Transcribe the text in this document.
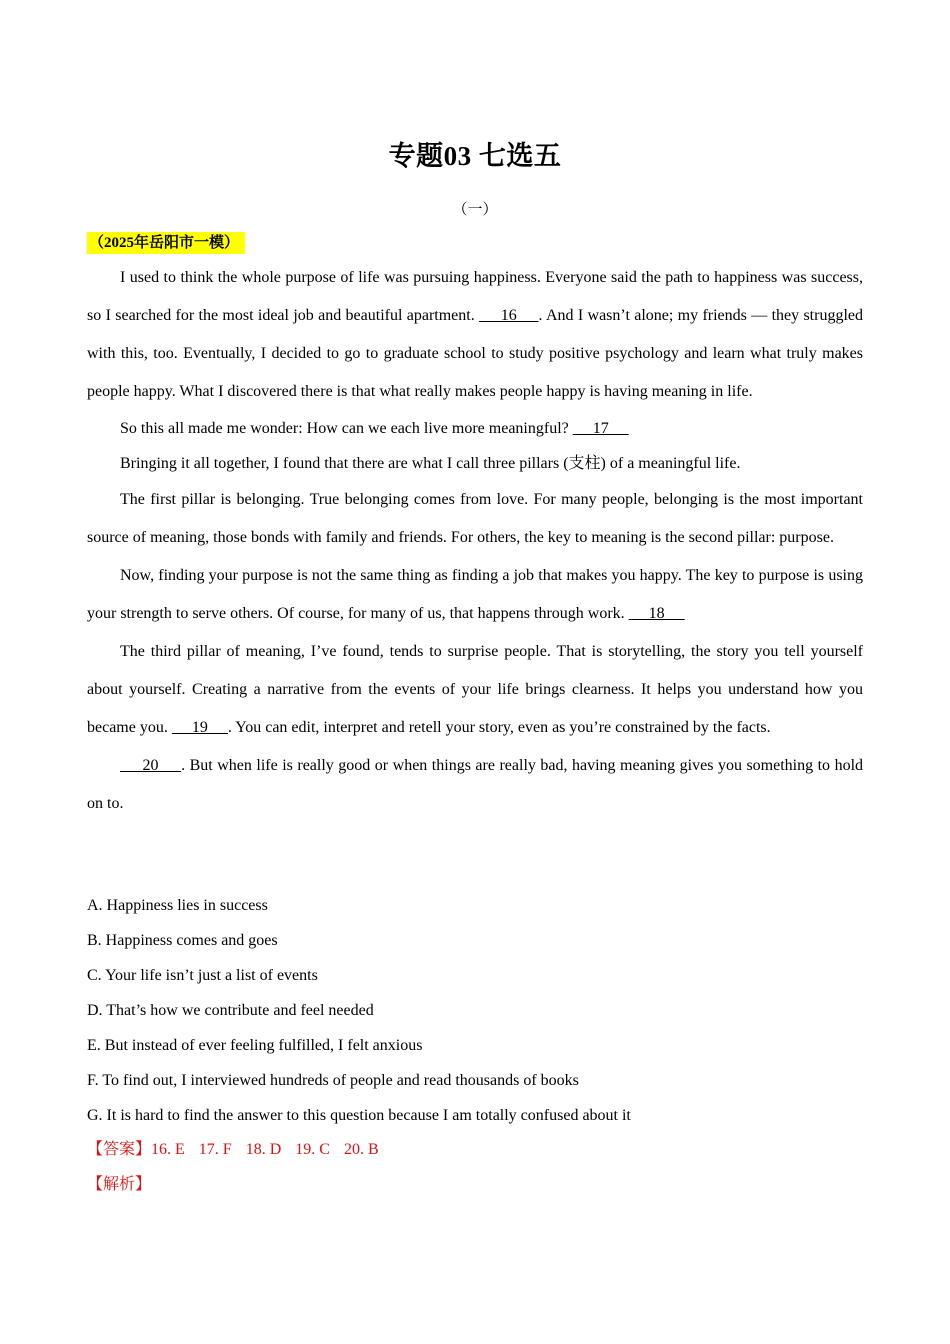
专题03 七选五
（一）
（2025年岳阳市一模）

I used to think the whole purpose of life was pursuing happiness. Everyone said the path to happiness was success, so I searched for the most ideal job and beautiful apartment.      16     . And I wasn’t alone; my friends — they struggled with this, too. Eventually, I decided to go to graduate school to study positive psychology and learn what truly makes people happy. What I discovered there is that what really makes people happy is having meaning in life.

So this all made me wonder: How can we each live more meaningful?      17

Bringing it all together, I found that there are what I call three pillars (支柱) of a meaningful life.

The first pillar is belonging. True belonging comes from love. For many people, belonging is the most important source of meaning, those bonds with family and friends. For others, the key to meaning is the second pillar: purpose.

Now, finding your purpose is not the same thing as finding a job that makes you happy. The key to purpose is using your strength to serve others. Of course, for many of us, that happens through work.      18

The third pillar of meaning, I’ve found, tends to surprise people. That is storytelling, the story you tell yourself about yourself. Creating a narrative from the events of your life brings clearness. It helps you understand how you became you.      19     . You can edit, interpret and retell your story, even as you’re constrained by the facts.

20     . But when life is really good or when things are really bad, having meaning gives you something to hold on to.

A. Happiness lies in success
B. Happiness comes and goes
C. Your life isn’t just a list of events
D. That’s how we contribute and feel needed
E. But instead of ever feeling fulfilled, I felt anxious
F. To find out, I interviewed hundreds of people and read thousands of books
G. It is hard to find the answer to this question because I am totally confused about it
【答案】16. E 17. F 18. D 19. C 20. B
【解析】
